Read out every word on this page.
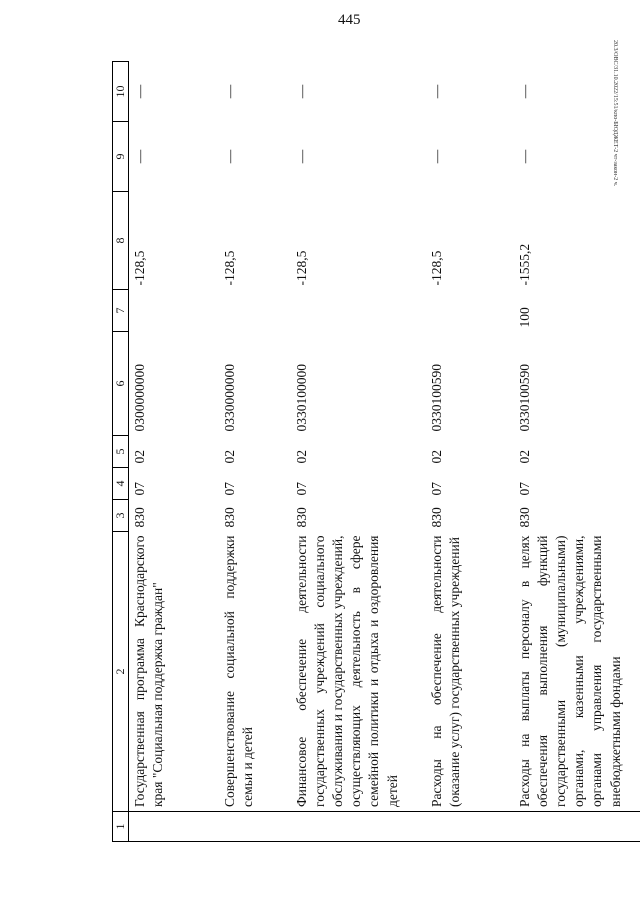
445
20.3/ОВС/31.10.2022/15:51/кпо-БЮДЖЕТ-2 чт-закон-2 ч.
1	2	3	4	5	6	7	8	9	10
	Государственная программа Краснодарского края "Социальная поддержка граждан"	830	07	02	0300000000		-128,5	—	—
	Совершенствование социальной поддержки семьи и детей	830	07	02	0330000000		-128,5	—	—
	Финансовое обеспечение деятельности государственных учреждений социального обслуживания и государственных учреждений, осуществляющих деятельность в сфере семейной политики и отдыха и оздоровления детей	830	07	02	0330100000		-128,5	—	—
	Расходы на обеспечение деятельности (оказание услуг) государственных учреждений	830	07	02	0330100590		-128,5	—	—
	Расходы на выплаты персоналу в целях обеспечения выполнения функций государственными (муниципальными) органами, казенными учреждениями, органами управления государственными внебюджетными фондами	830	07	02	0330100590	100	-1555,2	—	—
